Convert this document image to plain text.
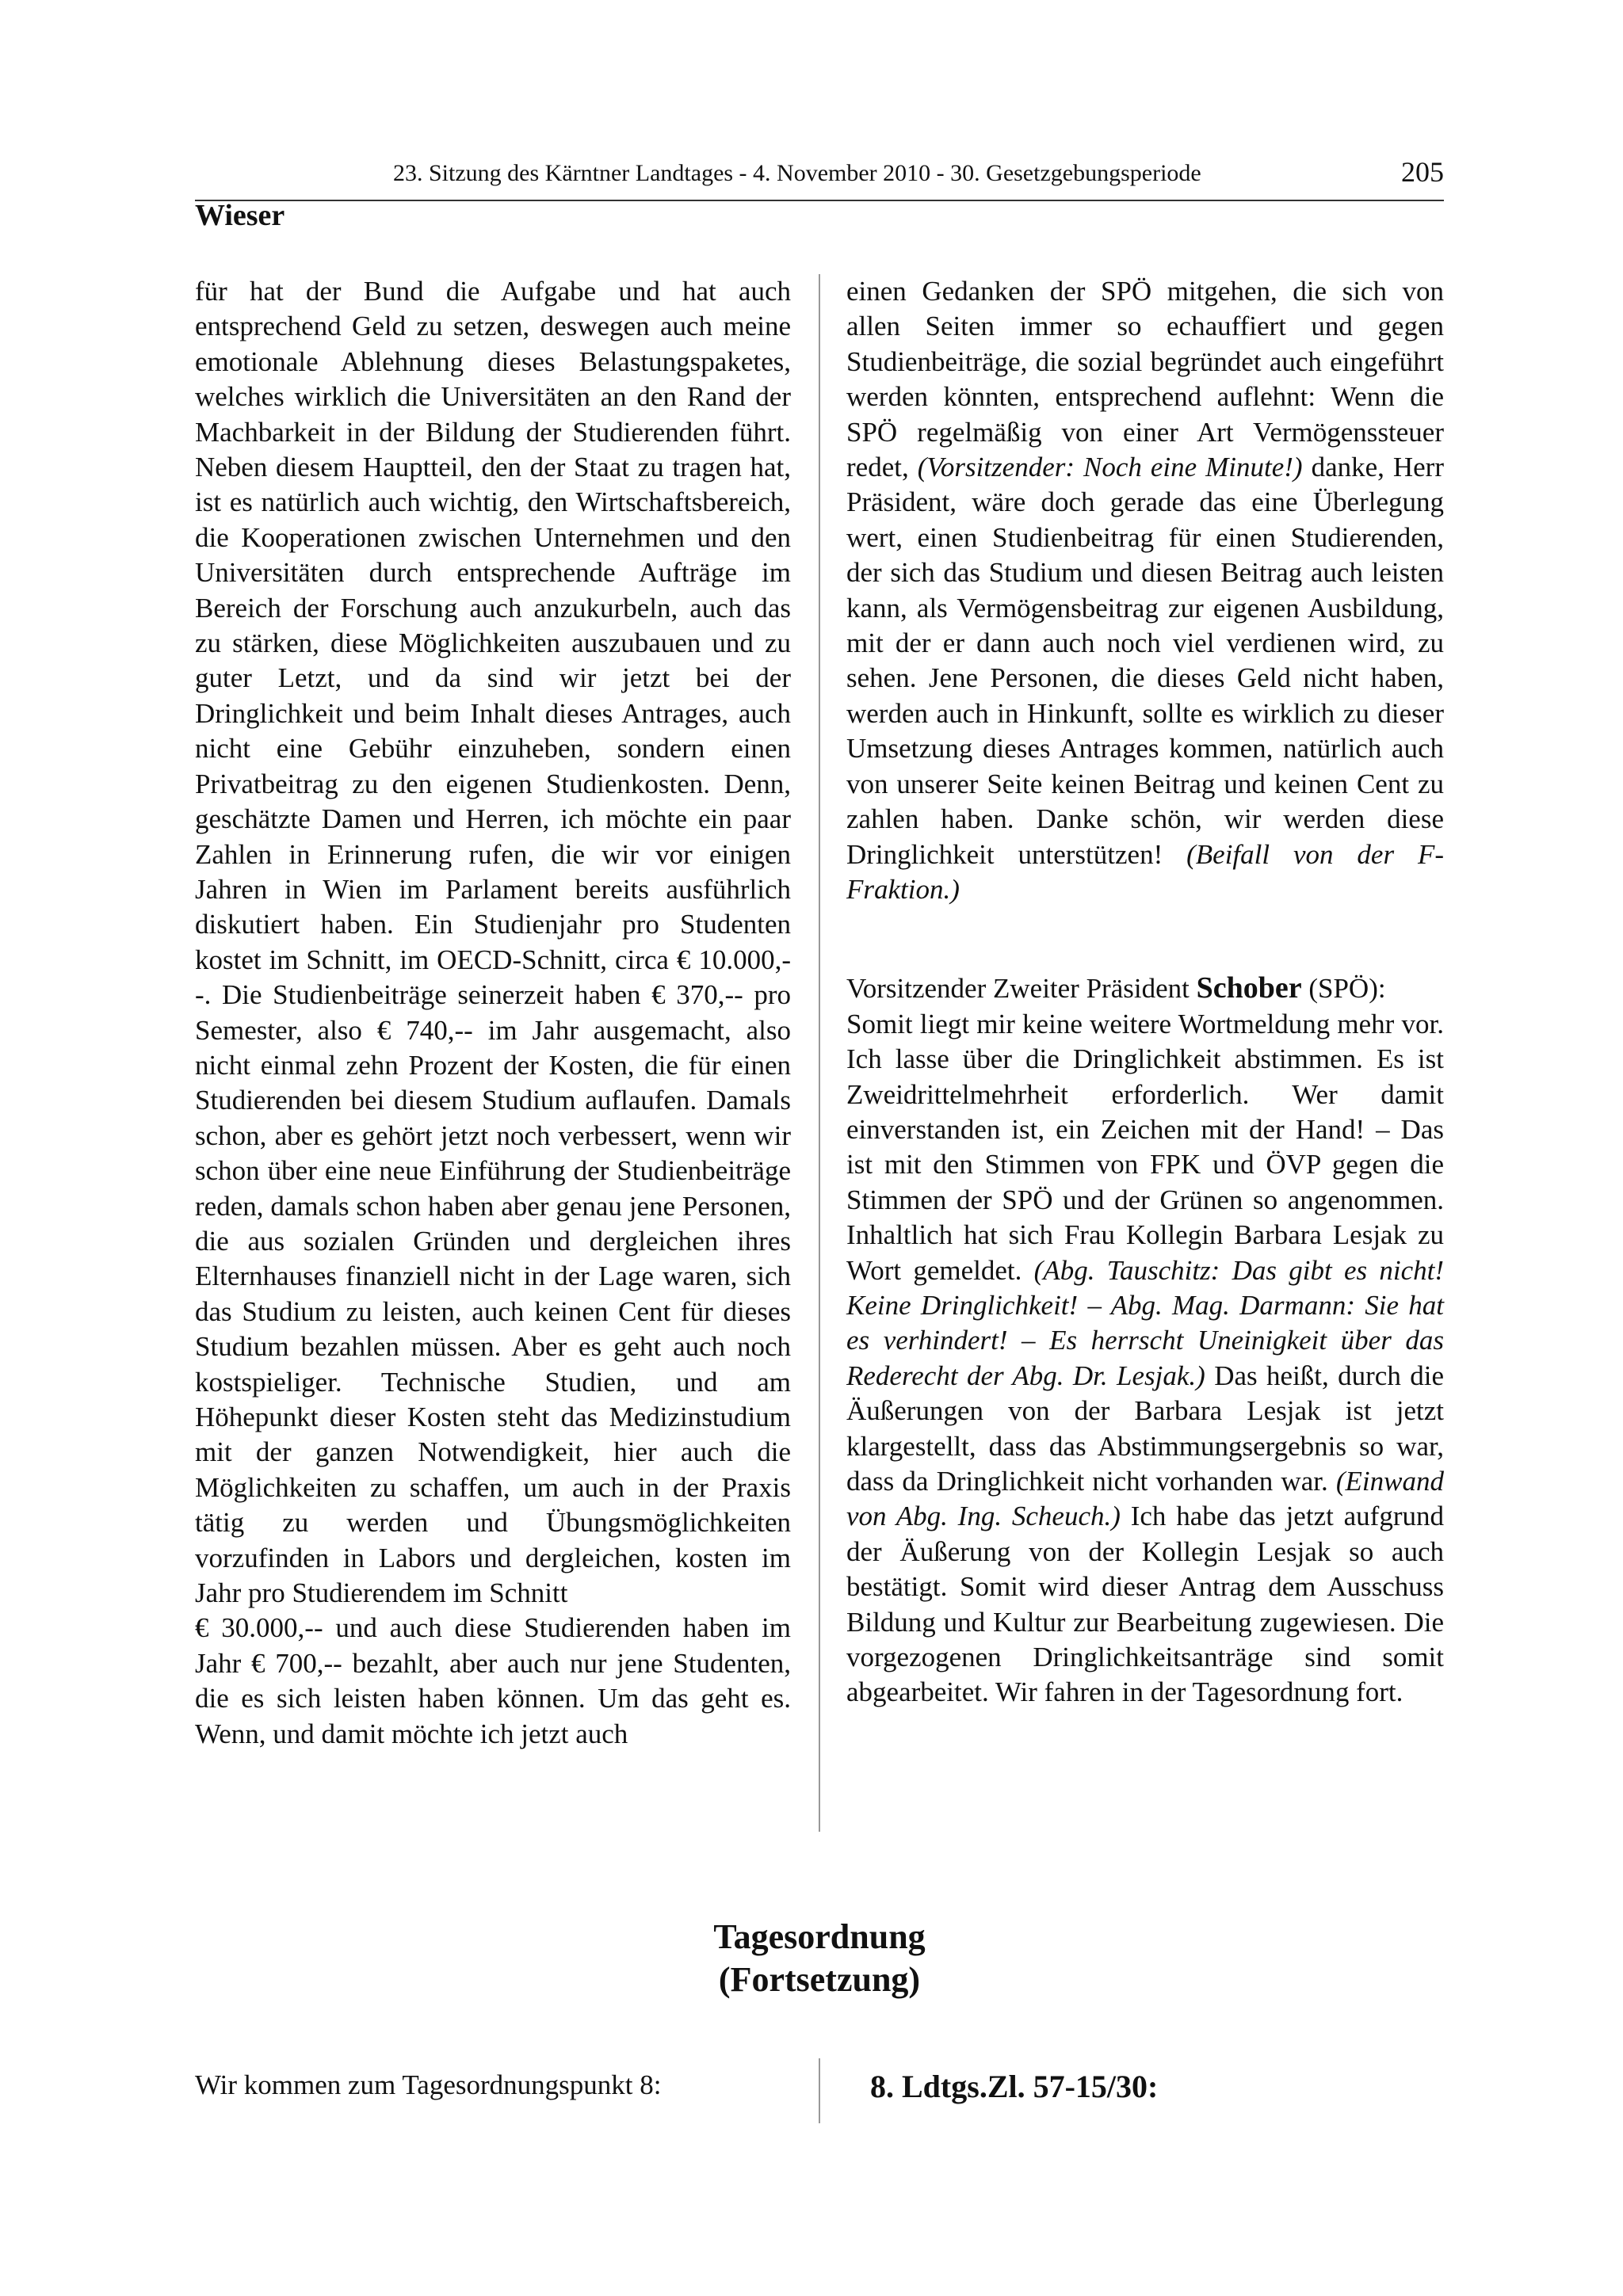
23. Sitzung des Kärntner Landtages - 4. November 2010 - 30. Gesetzgebungsperiode	205
Wieser

für hat der Bund die Aufgabe und hat auch entsprechend Geld zu setzen, deswegen auch meine emotionale Ablehnung dieses Belastungspaketes, welches wirklich die Universitäten an den Rand der Machbarkeit in der Bildung der Studierenden führt. Neben diesem Hauptteil, den der Staat zu tragen hat, ist es natürlich auch wichtig, den Wirtschaftsbereich, die Kooperationen zwischen Unternehmen und den Universitäten durch entsprechende Aufträge im Bereich der Forschung auch anzukurbeln, auch das zu stärken, diese Möglichkeiten auszubauen und zu guter Letzt, und da sind wir jetzt bei der Dringlichkeit und beim Inhalt dieses Antrages, auch nicht eine Gebühr einzuheben, sondern einen Privatbeitrag zu den eigenen Studienkosten. Denn, geschätzte Damen und Herren, ich möchte ein paar Zahlen in Erinnerung rufen, die wir vor einigen Jahren in Wien im Parlament bereits ausführlich diskutiert haben. Ein Studienjahr pro Studenten kostet im Schnitt, im OECD-Schnitt, circa € 10.000,--. Die Studienbeiträge seinerzeit haben € 370,-- pro Semester, also € 740,-- im Jahr ausgemacht, also nicht einmal zehn Prozent der Kosten, die für einen Studierenden bei diesem Studium auflaufen. Damals schon, aber es gehört jetzt noch verbessert, wenn wir schon über eine neue Einführung der Studienbeiträge reden, damals schon haben aber genau jene Personen, die aus sozialen Gründen und dergleichen ihres Elternhauses finanziell nicht in der Lage waren, sich das Studium zu leisten, auch keinen Cent für dieses Studium bezahlen müssen. Aber es geht auch noch kostspieliger. Technische Studien, und am Höhepunkt dieser Kosten steht das Medizinstudium mit der ganzen Notwendigkeit, hier auch die Möglichkeiten zu schaffen, um auch in der Praxis tätig zu werden und Übungsmöglichkeiten vorzufinden in Labors und dergleichen, kosten im Jahr pro Studierendem im Schnitt

€ 30.000,-- und auch diese Studierenden haben im Jahr € 700,-- bezahlt, aber auch nur jene Studenten, die es sich leisten haben können. Um das geht es. Wenn, und damit möchte ich jetzt auch

einen Gedanken der SPÖ mitgehen, die sich von allen Seiten immer so echauffiert und gegen Studienbeiträge, die sozial begründet auch eingeführt werden könnten, entsprechend auflehnt: Wenn die SPÖ regelmäßig von einer Art Vermögenssteuer redet, (Vorsitzender: Noch eine Minute!) danke, Herr Präsident, wäre doch gerade das eine Überlegung wert, einen Studienbeitrag für einen Studierenden, der sich das Studium und diesen Beitrag auch leisten kann, als Vermögensbeitrag zur eigenen Ausbildung, mit der er dann auch noch viel verdienen wird, zu sehen. Jene Personen, die dieses Geld nicht haben, werden auch in Hinkunft, sollte es wirklich zu dieser Umsetzung dieses Antrages kommen, natürlich auch von unserer Seite keinen Beitrag und keinen Cent zu zahlen haben. Danke schön, wir werden diese Dringlichkeit unterstützen! (Beifall von der F-Fraktion.)

Vorsitzender Zweiter Präsident Schober (SPÖ):

Somit liegt mir keine weitere Wortmeldung mehr vor. Ich lasse über die Dringlichkeit abstimmen. Es ist Zweidrittelmehrheit erforderlich. Wer damit einverstanden ist, ein Zeichen mit der Hand! – Das ist mit den Stimmen von FPK und ÖVP gegen die Stimmen der SPÖ und der Grünen so angenommen. Inhaltlich hat sich Frau Kollegin Barbara Lesjak zu Wort gemeldet. (Abg. Tauschitz: Das gibt es nicht! Keine Dringlichkeit! – Abg. Mag. Darmann: Sie hat es verhindert! – Es herrscht Uneinigkeit über das Rederecht der Abg. Dr. Lesjak.) Das heißt, durch die Äußerungen von der Barbara Lesjak ist jetzt klargestellt, dass das Abstimmungsergebnis so war, dass da Dringlichkeit nicht vorhanden war. (Einwand von Abg. Ing. Scheuch.) Ich habe das jetzt aufgrund der Äußerung von der Kollegin Lesjak so auch bestätigt. Somit wird dieser Antrag dem Ausschuss Bildung und Kultur zur Bearbeitung zugewiesen. Die vorgezogenen Dringlichkeitsanträge sind somit abgearbeitet. Wir fahren in der Tagesordnung fort.

Tagesordnung
(Fortsetzung)
Wir kommen zum Tagesordnungspunkt 8:	8. Ldtgs.Zl. 57-15/30:
